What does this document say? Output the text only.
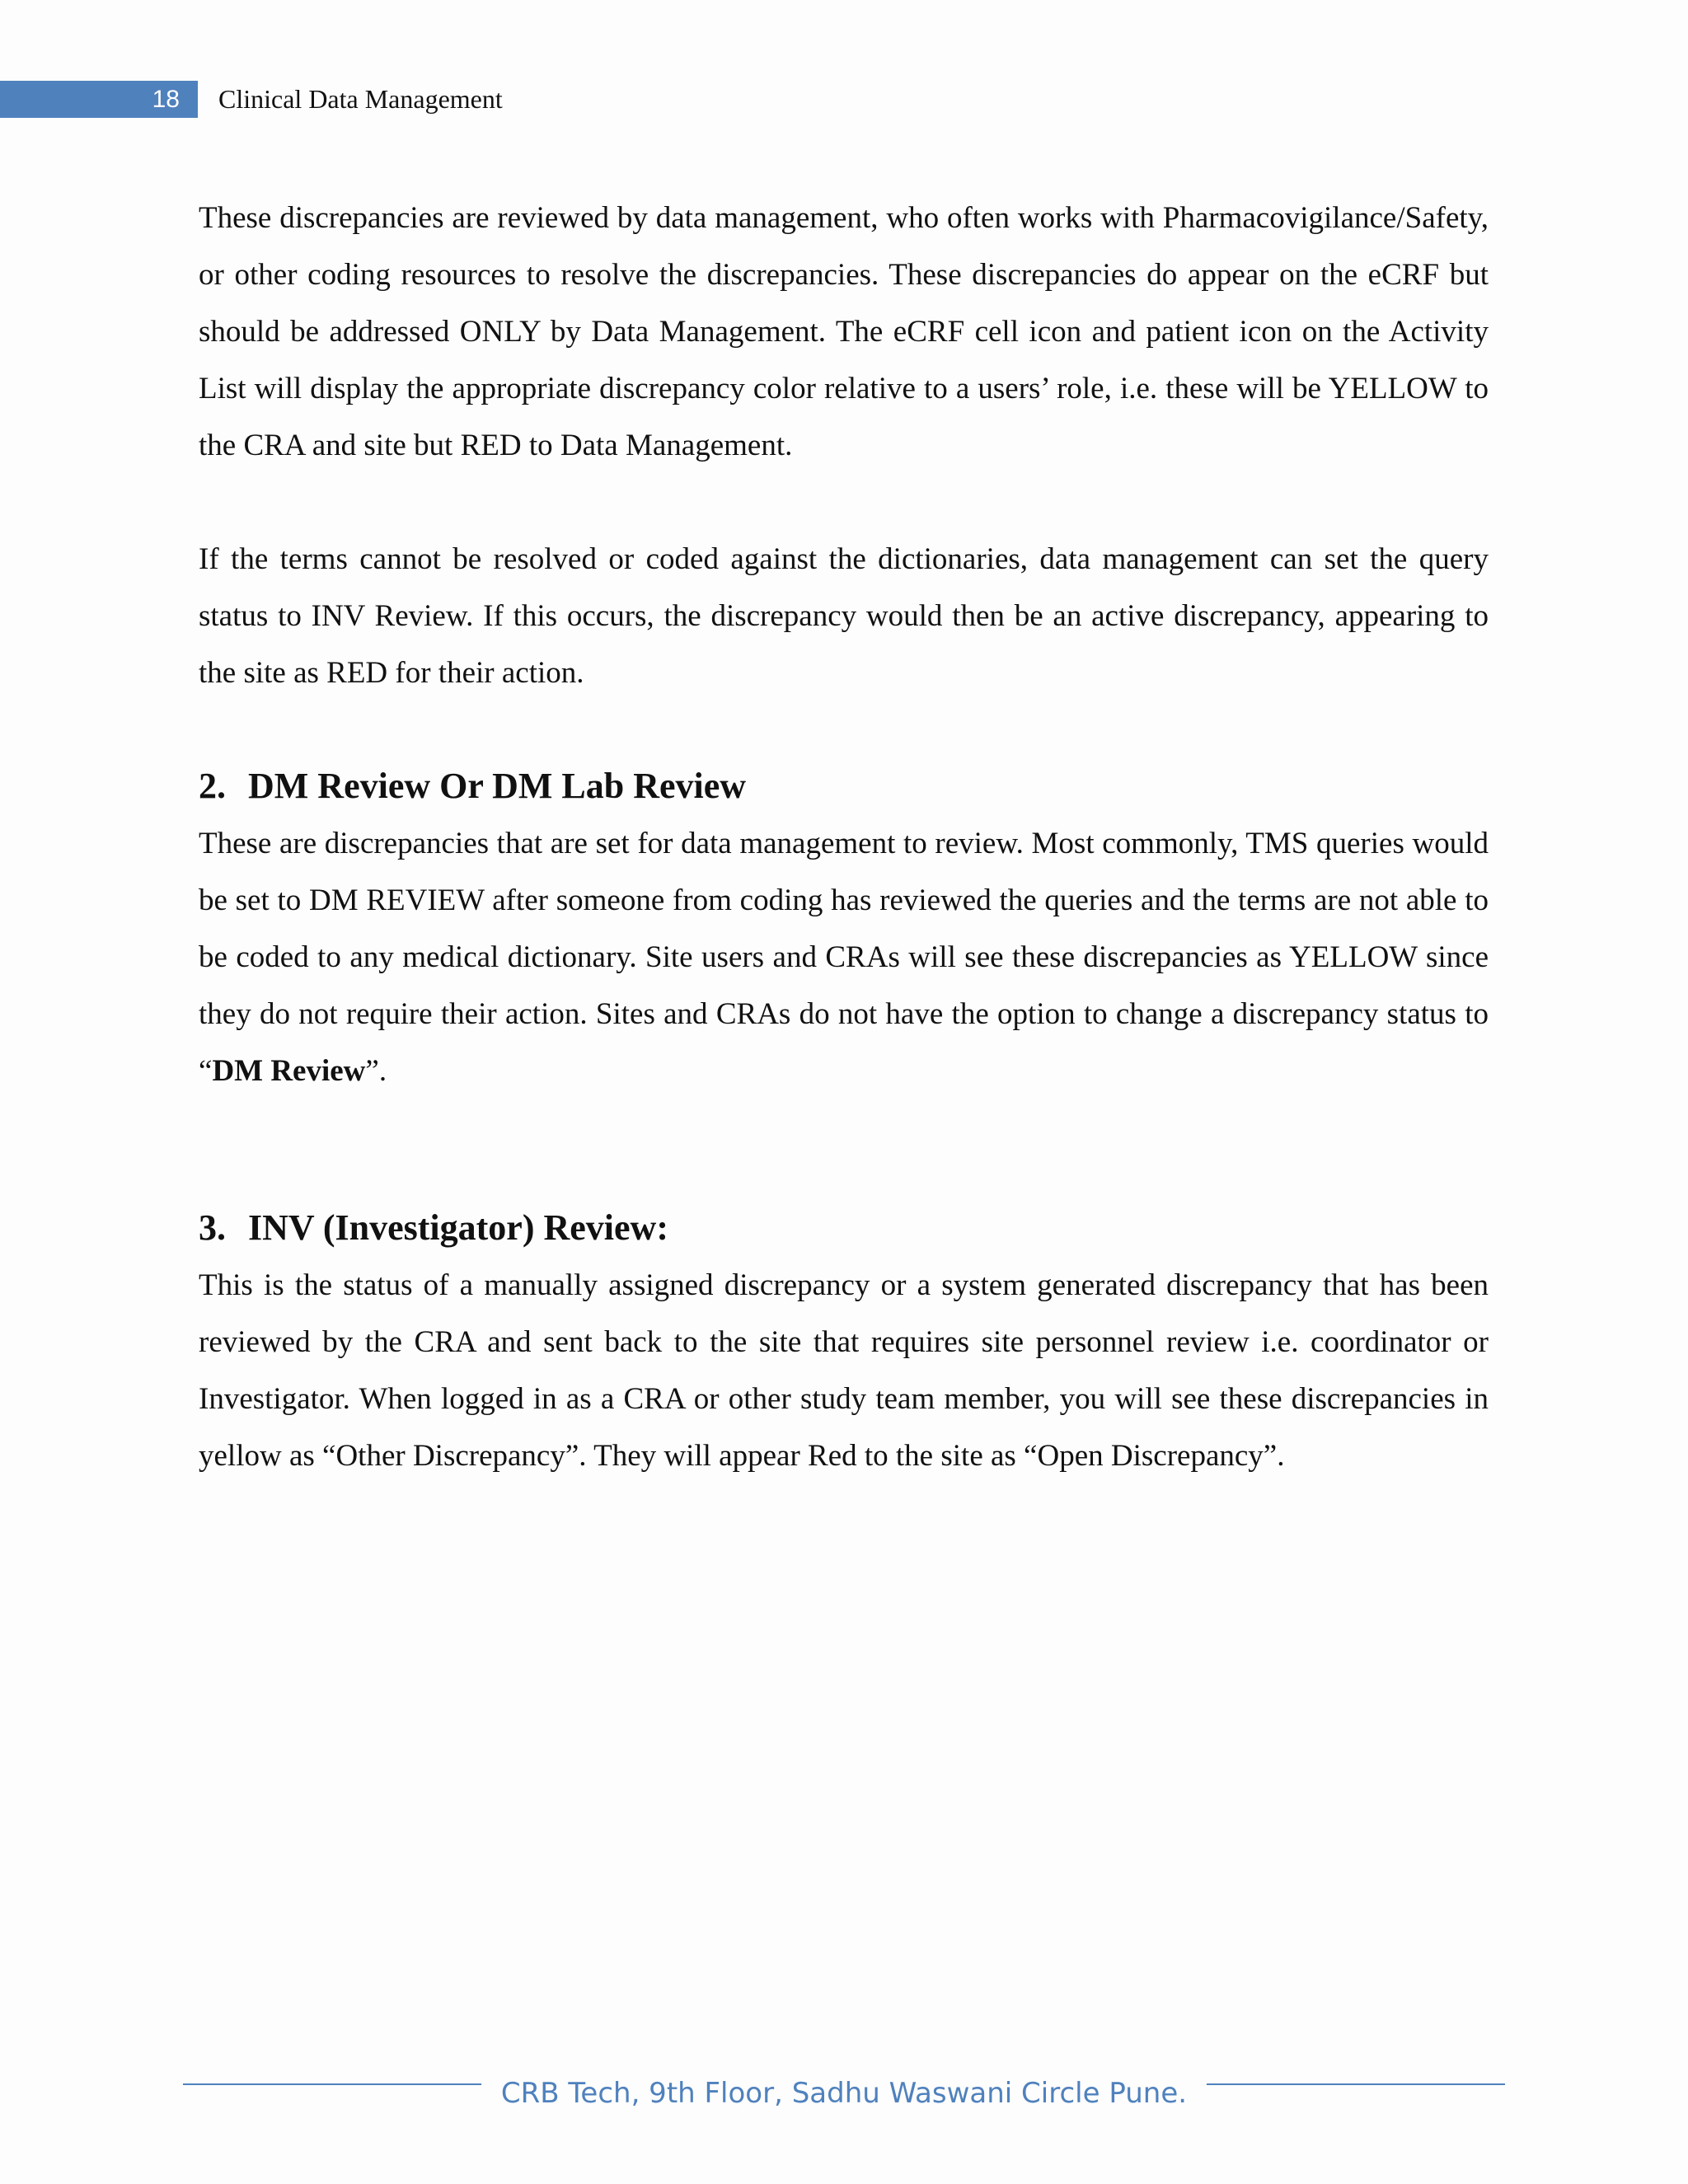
18	Clinical Data Management

These discrepancies are reviewed by data management, who often works with Pharmacovigilance/Safety, or other coding resources to resolve the discrepancies. These discrepancies do appear on the eCRF but should be addressed ONLY by Data Management. The eCRF cell icon and patient icon on the Activity List will display the appropriate discrepancy color relative to a users’ role, i.e. these will be YELLOW to the CRA and site but RED to Data Management.

If the terms cannot be resolved or coded against the dictionaries, data management can set the query status to INV Review. If this occurs, the discrepancy would then be an active discrepancy, appearing to the site as RED for their action.

2. DM Review Or DM Lab Review

These are discrepancies that are set for data management to review. Most commonly, TMS queries would be set to DM REVIEW after someone from coding has reviewed the queries and the terms are not able to be coded to any medical dictionary. Site users and CRAs will see these discrepancies as YELLOW since they do not require their action. Sites and CRAs do not have the option to change a discrepancy status to “DM Review”.

3. INV (Investigator) Review:

This is the status of a manually assigned discrepancy or a system generated discrepancy that has been reviewed by the CRA and sent back to the site that requires site personnel review i.e. coordinator or Investigator. When logged in as a CRA or other study team member, you will see these discrepancies in yellow as “Other Discrepancy”. They will appear Red to the site as “Open Discrepancy”.

CRB Tech, 9th Floor, Sadhu Waswani Circle Pune.
